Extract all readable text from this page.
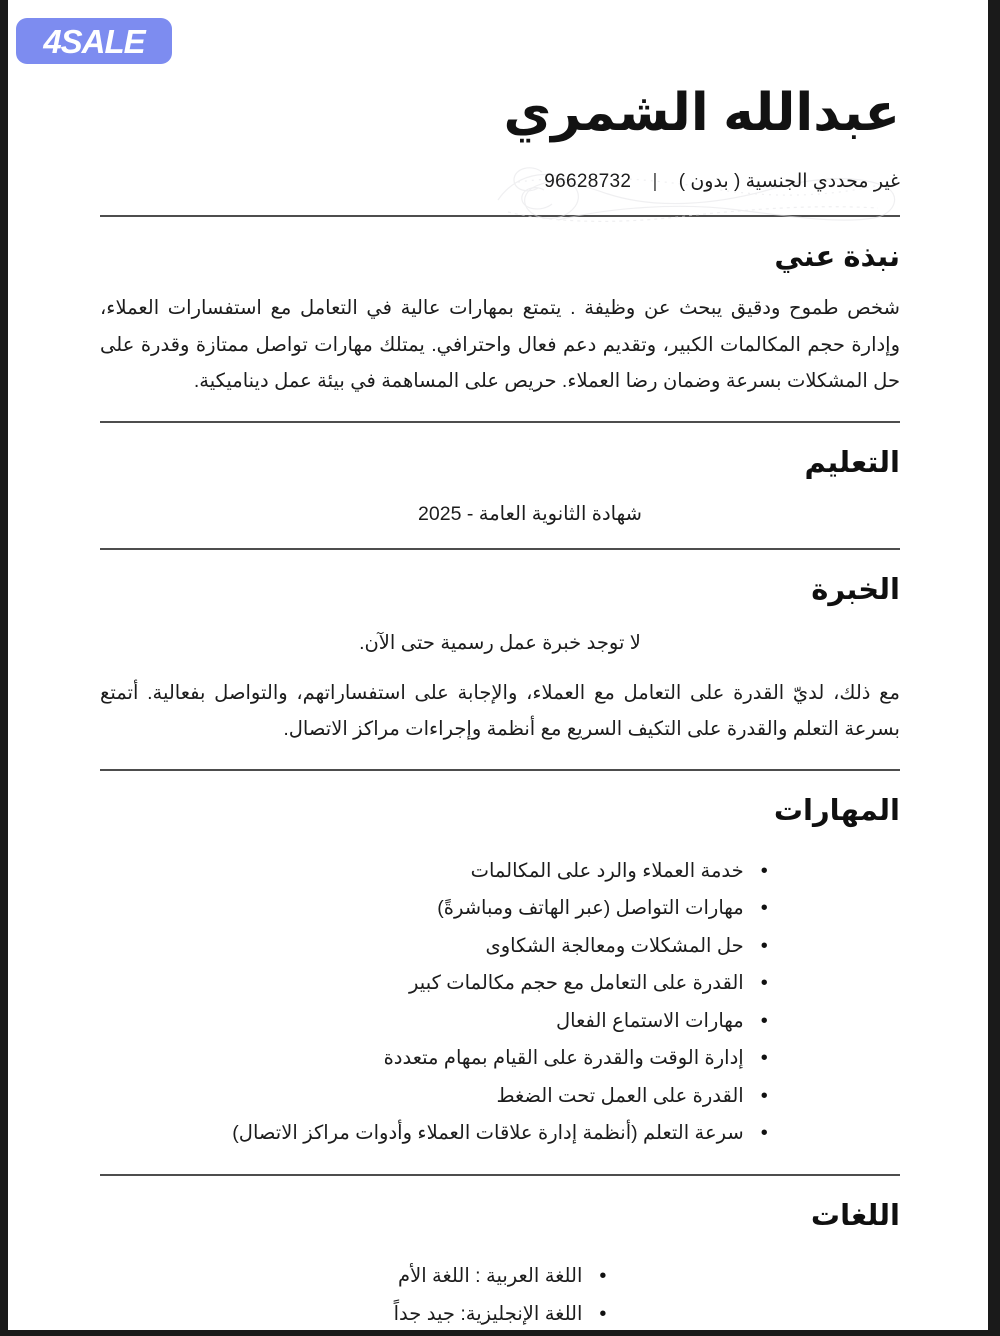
4SALE
عبدالله الشمري
غير محددي الجنسية ( بدون ) | 96628732
نبذة عني

شخص طموح ودقيق يبحث عن وظيفة . يتمتع بمهارات عالية في التعامل مع استفسارات العملاء، وإدارة حجم المكالمات الكبير، وتقديم دعم فعال واحترافي. يمتلك مهارات تواصل ممتازة وقدرة على حل المشكلات بسرعة وضمان رضا العملاء. حريص على المساهمة في بيئة عمل ديناميكية.

التعليم

شهادة الثانوية العامة - 2025

الخبرة

لا توجد خبرة عمل رسمية حتى الآن.

مع ذلك، لديّ القدرة على التعامل مع العملاء، والإجابة على استفساراتهم، والتواصل بفعالية. أتمتع بسرعة التعلم والقدرة على التكيف السريع مع أنظمة وإجراءات مراكز الاتصال.

المهارات
• خدمة العملاء والرد على المكالمات
• مهارات التواصل (عبر الهاتف ومباشرةً)
• حل المشكلات ومعالجة الشكاوى
• القدرة على التعامل مع حجم مكالمات كبير
• مهارات الاستماع الفعال
• إدارة الوقت والقدرة على القيام بمهام متعددة
• القدرة على العمل تحت الضغط
• سرعة التعلم (أنظمة إدارة علاقات العملاء وأدوات مراكز الاتصال)
اللغات
• اللغة العربية : اللغة الأم
• اللغة الإنجليزية: جيد جداً
